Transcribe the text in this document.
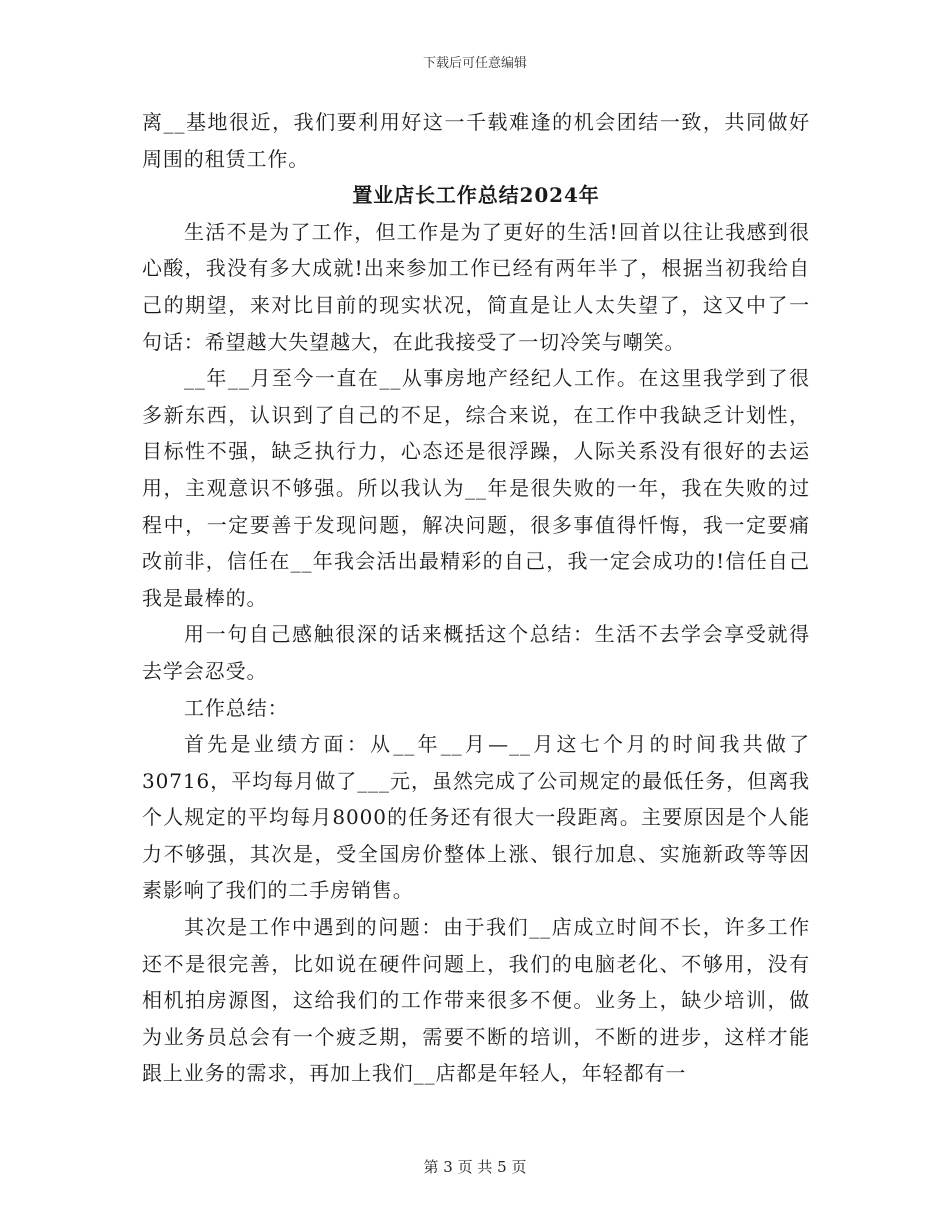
下载后可任意编辑

离__基地很近，我们要利用好这一千载难逢的机会团结一致，共同做好周围的租赁工作。

置业店长工作总结2024年

生活不是为了工作，但工作是为了更好的生活!回首以往让我感到很心酸，我没有多大成就!出来参加工作已经有两年半了，根据当初我给自己的期望，来对比目前的现实状况，简直是让人太失望了，这又中了一句话：希望越大失望越大，在此我接受了一切冷笑与嘲笑。

__年__月至今一直在__从事房地产经纪人工作。在这里我学到了很多新东西，认识到了自己的不足，综合来说，在工作中我缺乏计划性，目标性不强，缺乏执行力，心态还是很浮躁，人际关系没有很好的去运用，主观意识不够强。所以我认为__年是很失败的一年，我在失败的过程中，一定要善于发现问题，解决问题，很多事值得忏悔，我一定要痛改前非，信任在__年我会活出最精彩的自己，我一定会成功的!信任自己我是最棒的。

用一句自己感触很深的话来概括这个总结：生活不去学会享受就得去学会忍受。

工作总结：

首先是业绩方面：从__年__月—__月这七个月的时间我共做了30716，平均每月做了___元，虽然完成了公司规定的最低任务，但离我个人规定的平均每月8000的任务还有很大一段距离。主要原因是个人能力不够强，其次是，受全国房价整体上涨、银行加息、实施新政等等因素影响了我们的二手房销售。

其次是工作中遇到的问题：由于我们__店成立时间不长，许多工作还不是很完善，比如说在硬件问题上，我们的电脑老化、不够用，没有相机拍房源图，这给我们的工作带来很多不便。业务上，缺少培训，做为业务员总会有一个疲乏期，需要不断的培训，不断的进步，这样才能跟上业务的需求，再加上我们__店都是年轻人，年轻都有一

第 3 页 共 5 页
